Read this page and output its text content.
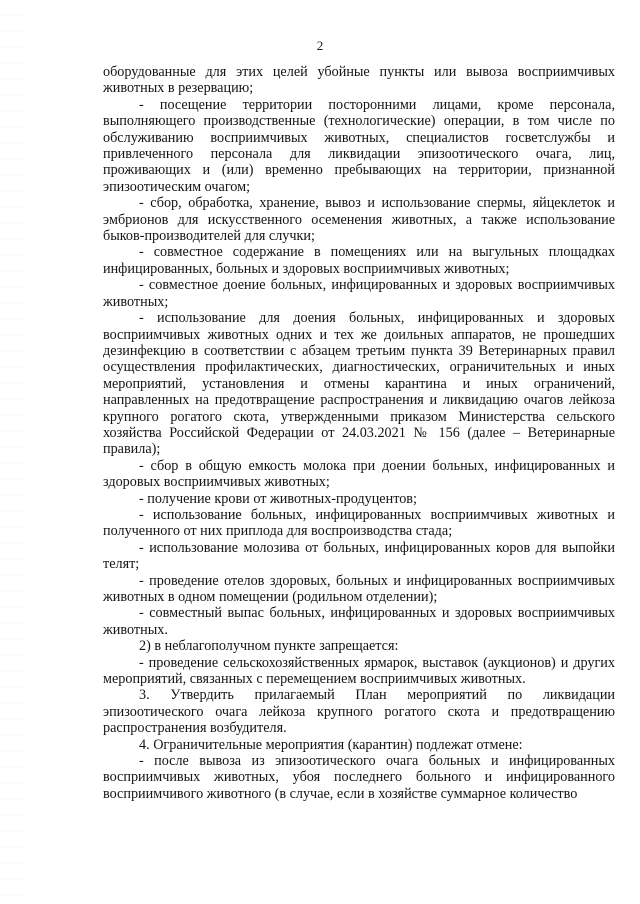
2

оборудованные для этих целей убойные пункты или вывоза восприимчивых животных в резервацию;

- посещение территории посторонними лицами, кроме персонала, выполняющего производственные (технологические) операции, в том числе по обслуживанию восприимчивых животных, специалистов госветслужбы и привлеченного персонала для ликвидации эпизоотического очага, лиц, проживающих и (или) временно пребывающих на территории, признанной эпизоотическим очагом;

- сбор, обработка, хранение, вывоз и использование спермы, яйцеклеток и эмбрионов для искусственного осеменения животных, а также использование быков-производителей для случки;

- совместное содержание в помещениях или на выгульных площадках инфицированных, больных и здоровых восприимчивых животных;

- совместное доение больных, инфицированных и здоровых восприимчивых животных;

- использование для доения больных, инфицированных и здоровых восприимчивых животных одних и тех же доильных аппаратов, не прошедших дезинфекцию в соответствии с абзацем третьим пункта 39 Ветеринарных правил осуществления профилактических, диагностических, ограничительных и иных мероприятий, установления и отмены карантина и иных ограничений, направленных на предотвращение распространения и ликвидацию очагов лейкоза крупного рогатого скота, утвержденными приказом Министерства сельского хозяйства Российской Федерации от 24.03.2021 № 156 (далее – Ветеринарные правила);

- сбор в общую емкость молока при доении больных, инфицированных и здоровых восприимчивых животных;

- получение крови от животных-продуцентов;

- использование больных, инфицированных восприимчивых животных и полученного от них приплода для воспроизводства стада;

- использование молозива от больных, инфицированных коров для выпойки телят;

- проведение отелов здоровых, больных и инфицированных восприимчивых животных в одном помещении (родильном отделении);

- совместный выпас больных, инфицированных и здоровых восприимчивых животных.

2) в неблагополучном пункте запрещается:

- проведение сельскохозяйственных ярмарок, выставок (аукционов) и других мероприятий, связанных с перемещением восприимчивых животных.

3. Утвердить прилагаемый План мероприятий по ликвидации эпизоотического очага лейкоза крупного рогатого скота и предотвращению распространения возбудителя.

4. Ограничительные мероприятия (карантин) подлежат отмене:

- после вывоза из эпизоотического очага больных и инфицированных восприимчивых животных, убоя последнего больного и инфицированного восприимчивого животного (в случае, если в хозяйстве суммарное количество
